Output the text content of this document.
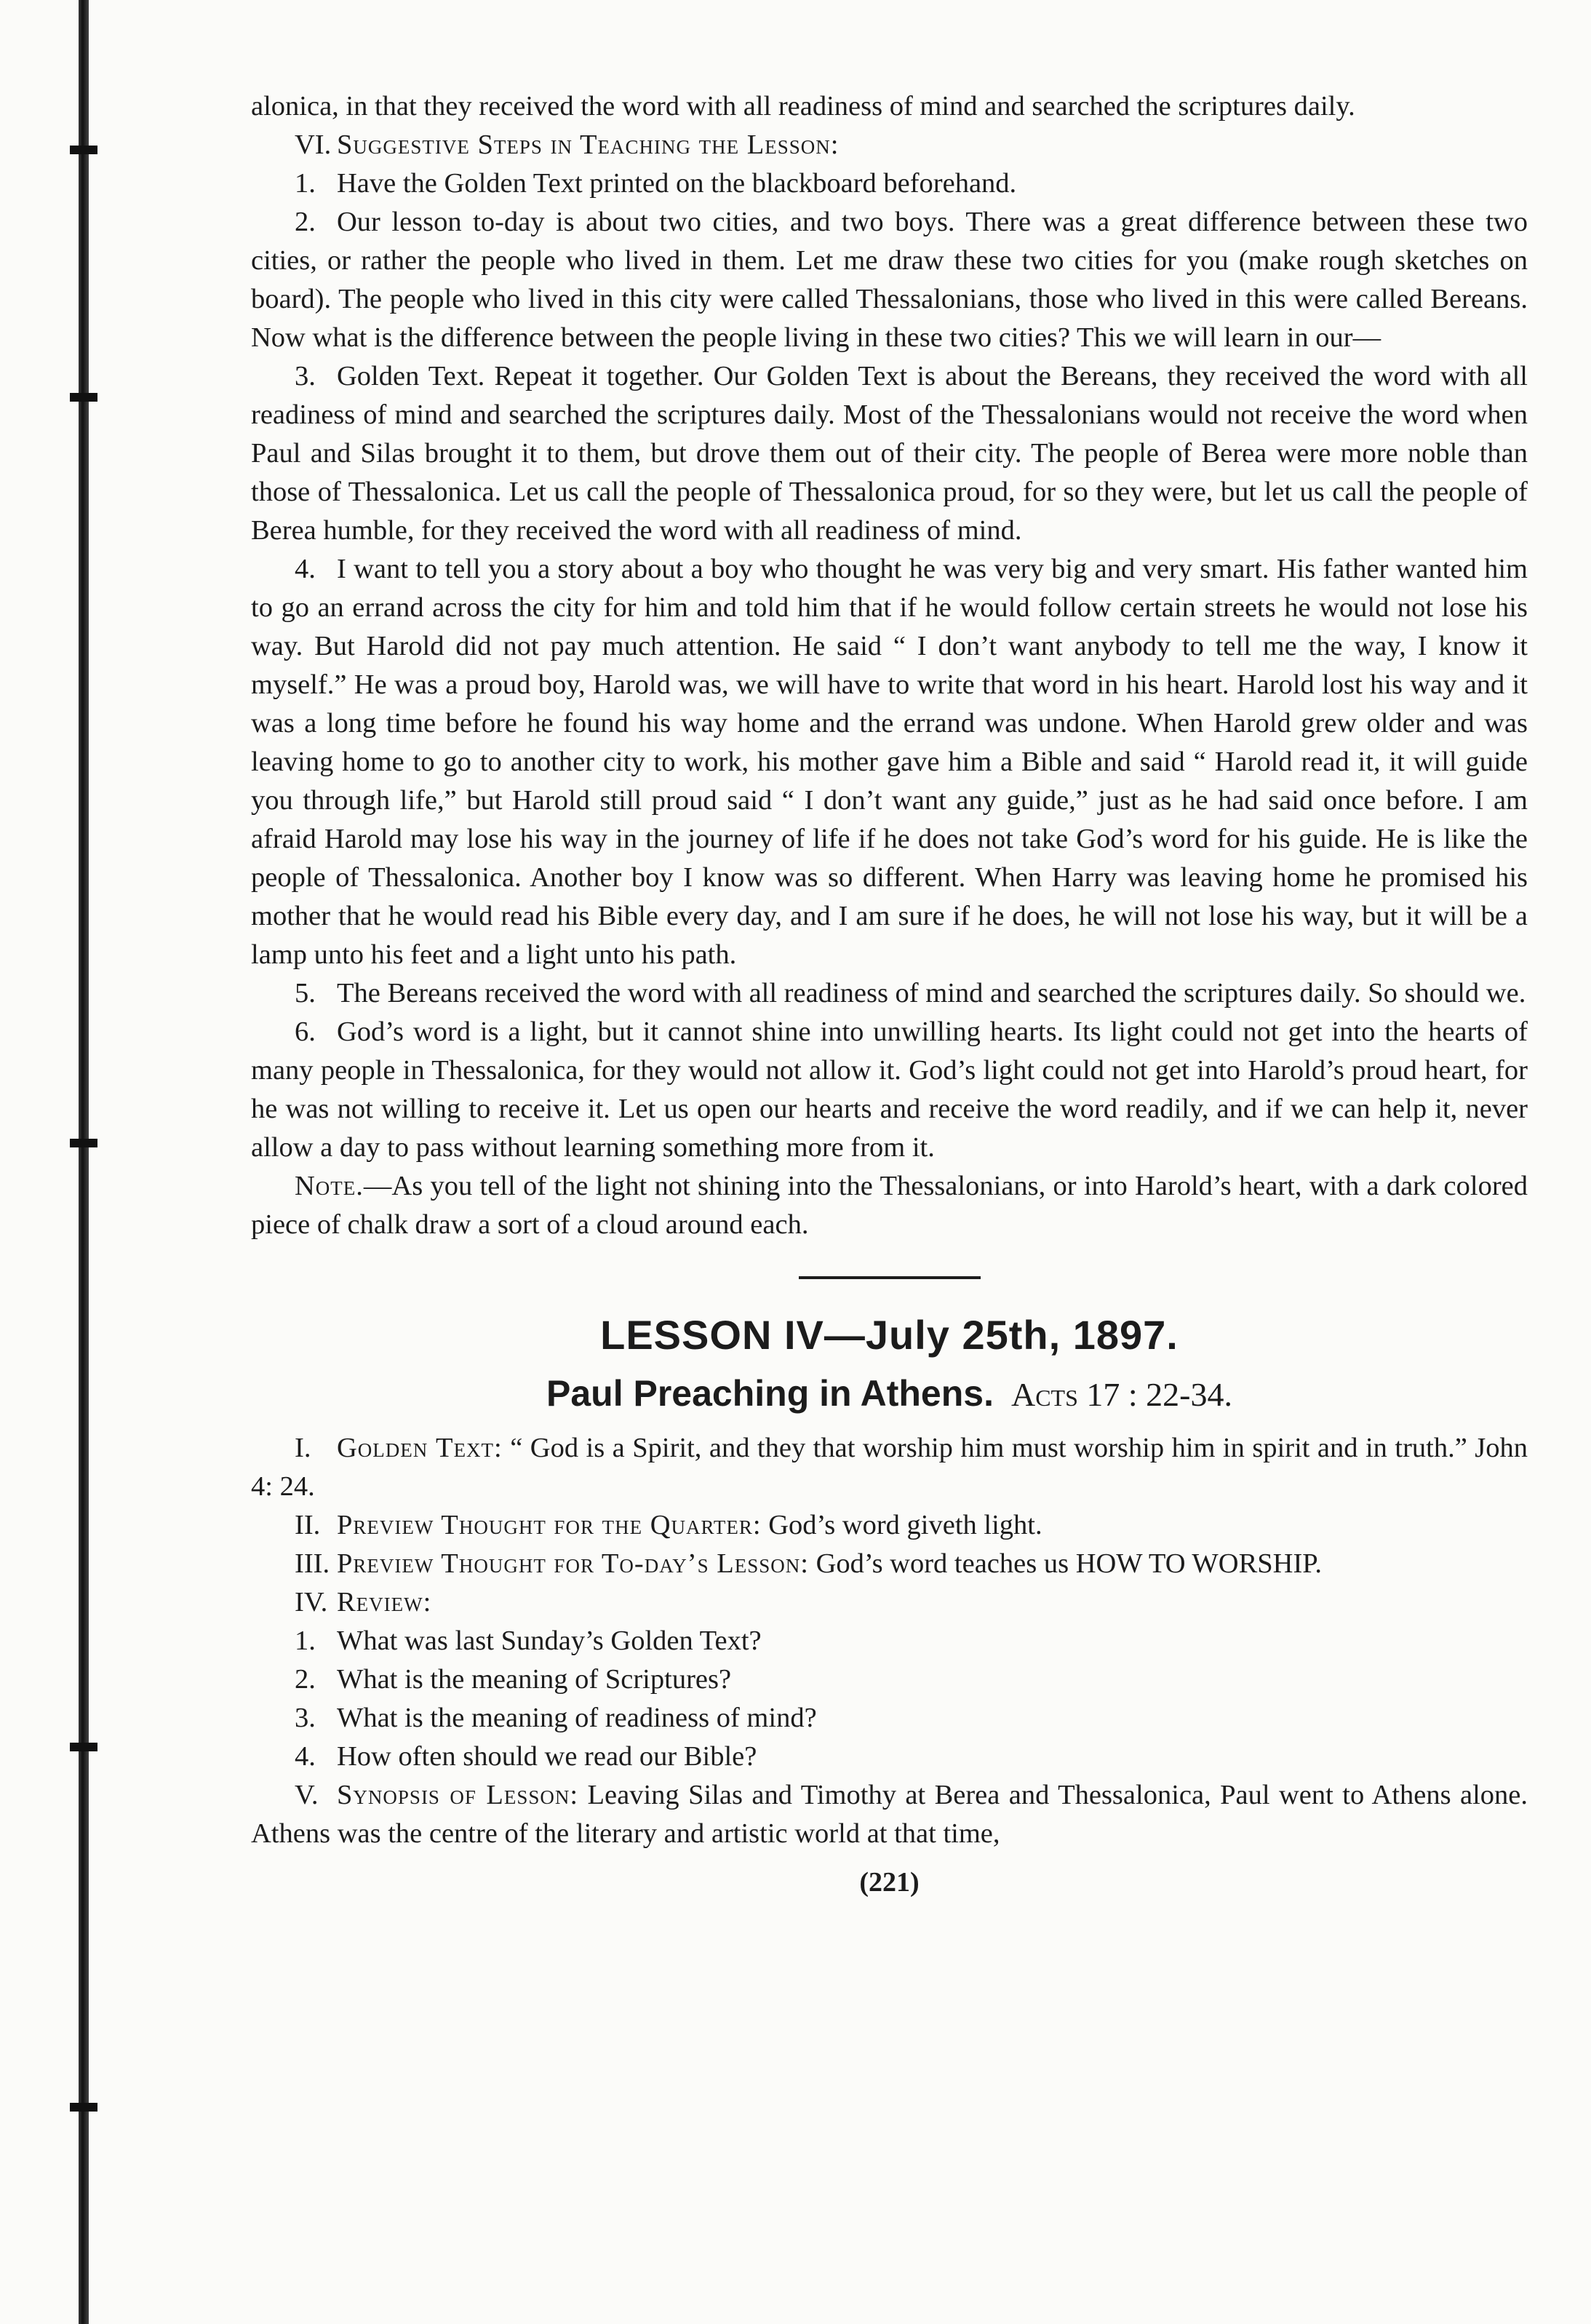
alonica, in that they received the word with all readiness of mind and searched the scriptures daily.

VI. Suggestive Steps in Teaching the Lesson:

1. Have the Golden Text printed on the blackboard beforehand.

2. Our lesson to-day is about two cities, and two boys. There was a great difference between these two cities, or rather the people who lived in them. Let me draw these two cities for you (make rough sketches on board). The people who lived in this city were called Thessalonians, those who lived in this were called Bereans. Now what is the difference between the people living in these two cities? This we will learn in our—

3. Golden Text. Repeat it together. Our Golden Text is about the Bereans, they received the word with all readiness of mind and searched the scriptures daily. Most of the Thessalonians would not receive the word when Paul and Silas brought it to them, but drove them out of their city. The people of Berea were more noble than those of Thessalonica. Let us call the people of Thessalonica proud, for so they were, but let us call the people of Berea humble, for they received the word with all readiness of mind.

4. I want to tell you a story about a boy who thought he was very big and very smart. His father wanted him to go an errand across the city for him and told him that if he would follow certain streets he would not lose his way. But Harold did not pay much attention. He said “ I don’t want anybody to tell me the way, I know it myself.” He was a proud boy, Harold was, we will have to write that word in his heart. Harold lost his way and it was a long time before he found his way home and the errand was undone. When Harold grew older and was leaving home to go to another city to work, his mother gave him a Bible and said “ Harold read it, it will guide you through life,” but Harold still proud said “ I don’t want any guide,” just as he had said once before. I am afraid Harold may lose his way in the journey of life if he does not take God’s word for his guide. He is like the people of Thessalonica. Another boy I know was so different. When Harry was leaving home he promised his mother that he would read his Bible every day, and I am sure if he does, he will not lose his way, but it will be a lamp unto his feet and a light unto his path.

5. The Bereans received the word with all readiness of mind and searched the scriptures daily. So should we.

6. God’s word is a light, but it cannot shine into unwilling hearts. Its light could not get into the hearts of many people in Thessalonica, for they would not allow it. God’s light could not get into Harold’s proud heart, for he was not willing to receive it. Let us open our hearts and receive the word readily, and if we can help it, never allow a day to pass without learning something more from it.

Note.—As you tell of the light not shining into the Thessalonians, or into Harold’s heart, with a dark colored piece of chalk draw a sort of a cloud around each.

LESSON IV—July 25th, 1897.
Paul Preaching in Athens. Acts 17 : 22-34.

I. Golden Text: “ God is a Spirit, and they that worship him must worship him in spirit and in truth.” John 4: 24.

II. Preview Thought for the Quarter: God’s word giveth light.

III. Preview Thought for To-day’s Lesson: God’s word teaches us HOW TO WORSHIP.

IV. Review:

1. What was last Sunday’s Golden Text?

2. What is the meaning of Scriptures?

3. What is the meaning of readiness of mind?

4. How often should we read our Bible?

V. Synopsis of Lesson: Leaving Silas and Timothy at Berea and Thessalonica, Paul went to Athens alone. Athens was the centre of the literary and artistic world at that time,

(221)
